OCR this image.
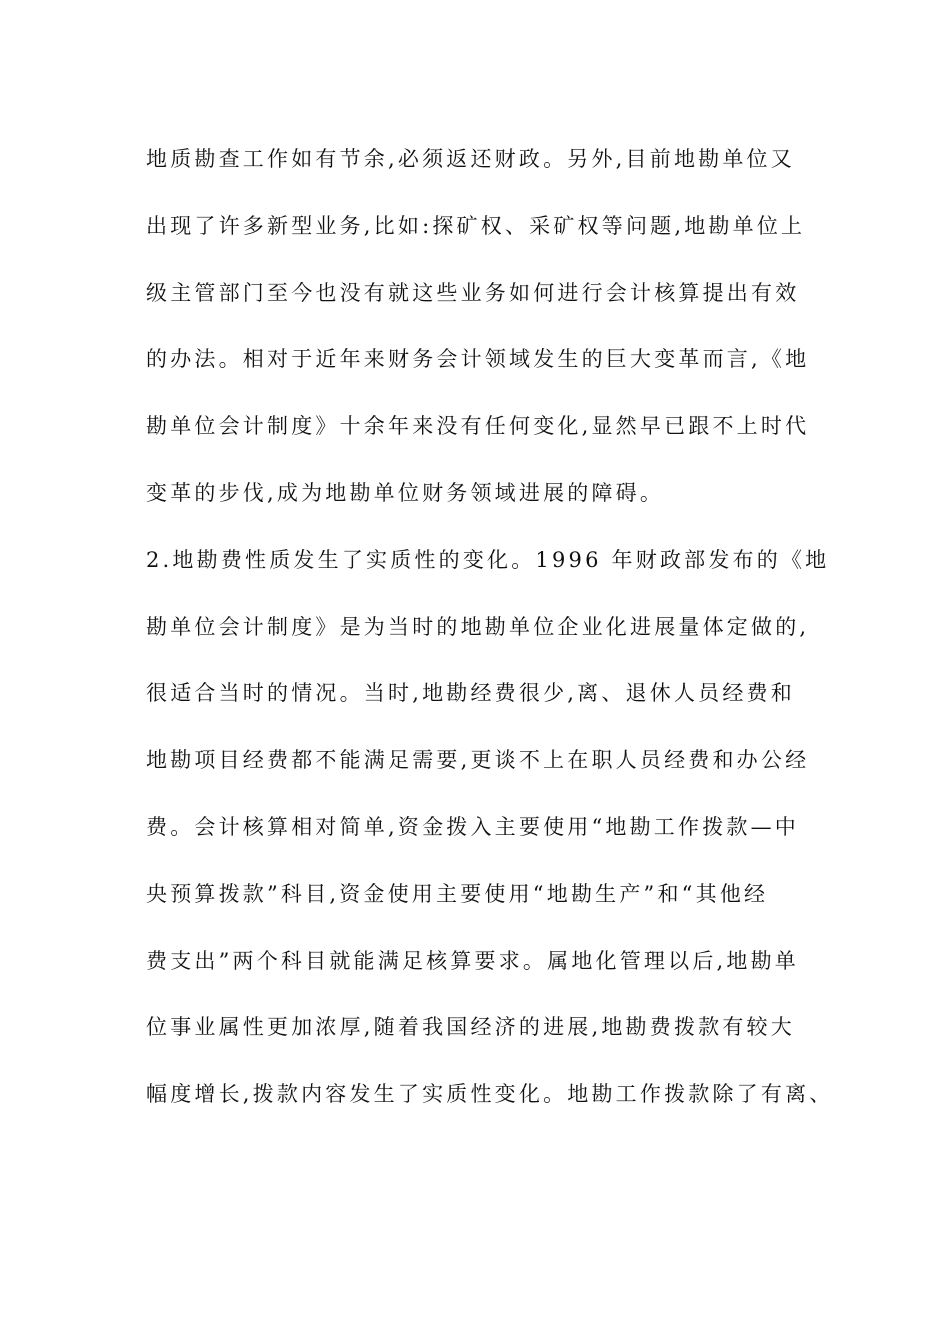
地质勘查工作如有节余,必须返还财政。另外,目前地勘单位又
出现了许多新型业务,比如:探矿权、采矿权等问题,地勘单位上
级主管部门至今也没有就这些业务如何进行会计核算提出有效
的办法。相对于近年来财务会计领域发生的巨大变革而言,《地
勘单位会计制度》十余年来没有任何变化,显然早已跟不上时代
变革的步伐,成为地勘单位财务领域进展的障碍。
2.地勘费性质发生了实质性的变化。1996 年财政部发布的《地
勘单位会计制度》是为当时的地勘单位企业化进展量体定做的,
很适合当时的情况。当时,地勘经费很少,离、退休人员经费和
地勘项目经费都不能满足需要,更谈不上在职人员经费和办公经
费。会计核算相对简单,资金拨入主要使用“地勘工作拨款—中
央预算拨款”科目,资金使用主要使用“地勘生产”和“其他经
费支出”两个科目就能满足核算要求。属地化管理以后,地勘单
位事业属性更加浓厚,随着我国经济的进展,地勘费拨款有较大
幅度增长,拨款内容发生了实质性变化。地勘工作拨款除了有离、
